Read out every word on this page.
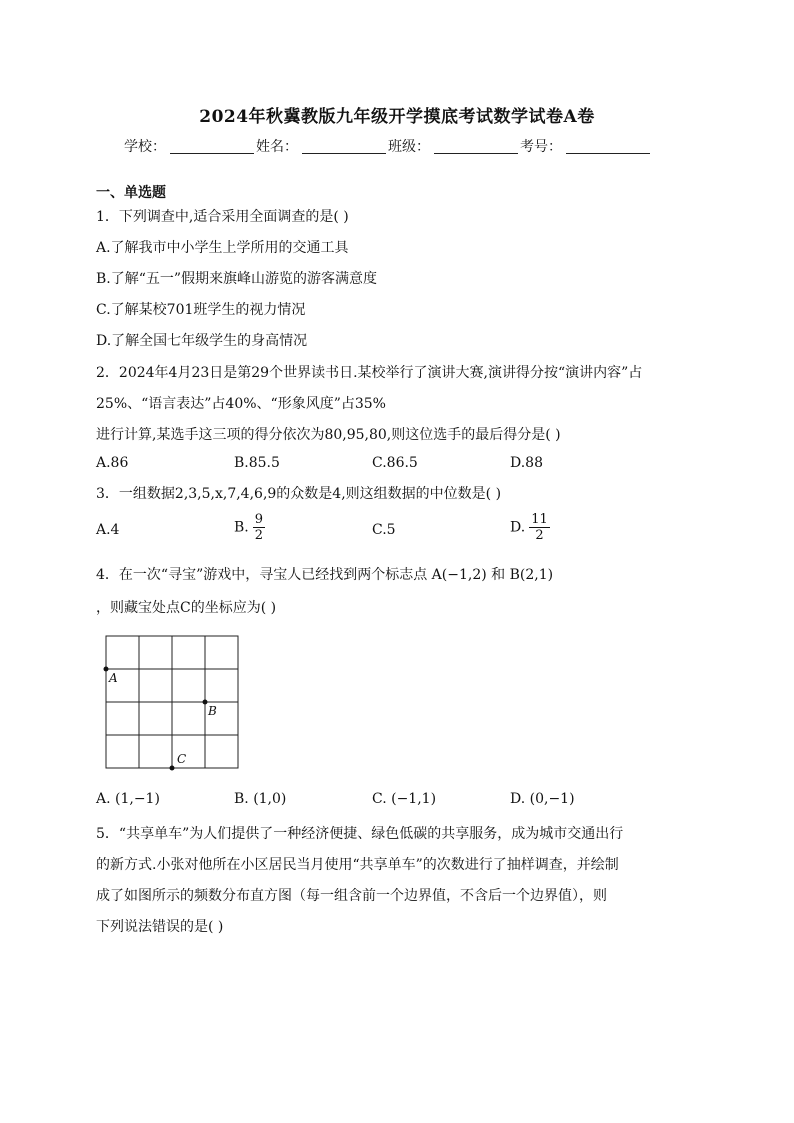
2024年秋冀教版九年级开学摸底考试数学试卷A卷
学校：	姓名：	班级：	考号：
一、单选题
1．下列调查中,适合采用全面调查的是( )
A.了解我市中小学生上学所用的交通工具
B.了解“五一”假期来旗峰山游览的游客满意度
C.了解某校701班学生的视力情况
D.了解全国七年级学生的身高情况
2．2024年4月23日是第29个世界读书日.某校举行了演讲大赛,演讲得分按“演讲内容”占
25%、“语言表达”占40%、“形象风度”占35%
进行计算,某选手这三项的得分依次为80,95,80,则这位选手的最后得分是( )
A.86	B.85.5	C.86.5	D.88
3．一组数据2,3,5,x,7,4,6,9的众数是4,则这组数据的中位数是( )
A.4	B. $\frac{9}{2}$	C.5	D. $\frac{11}{2}$
4．在一次“寻宝”游戏中，寻宝人已经找到两个标志点 A(−1,2) 和 B(2,1)
，则藏宝处点C的坐标应为( )
A
B
C
A. (1,−1)	B. (1,0)	C. (−1,1)	D. (0,−1)
5．“共享单车”为人们提供了一种经济便捷、绿色低碳的共享服务，成为城市交通出行
的新方式.小张对他所在小区居民当月使用“共享单车”的次数进行了抽样调查，并绘制
成了如图所示的频数分布直方图（每一组含前一个边界值，不含后一个边界值），则
下列说法错误的是( )
